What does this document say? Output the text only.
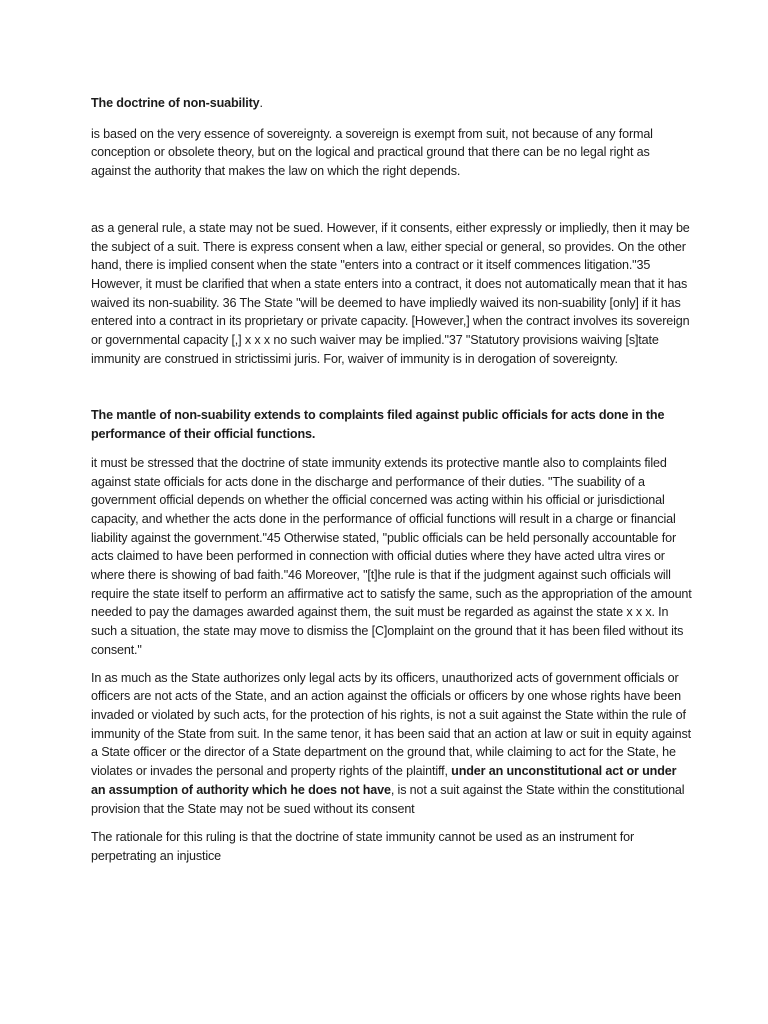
The doctrine of non-suability.

is based on the very essence of sovereignty. a sovereign is exempt from suit, not because of any formal conception or obsolete theory, but on the logical and practical ground that there can be no legal right as against the authority that makes the law on which the right depends.

as a general rule, a state may not be sued. However, if it consents, either expressly or impliedly, then it may be the subject of a suit. There is express consent when a law, either special or general, so provides. On the other hand, there is implied consent when the state "enters into a contract or it itself commences litigation."35 However, it must be clarified that when a state enters into a contract, it does not automatically mean that it has waived its non-suability. 36 The State "will be deemed to have impliedly waived its non-suability [only] if it has entered into a contract in its proprietary or private capacity. [However,] when the contract involves its sovereign or governmental capacity [,] x x x no such waiver may be implied."37 "Statutory provisions waiving [s]tate immunity are construed in strictissimi juris. For, waiver of immunity is in derogation of sovereignty.

The mantle of non-suability extends to complaints filed against public officials for acts done in the performance of their official functions.

it must be stressed that the doctrine of state immunity extends its protective mantle also to complaints filed against state officials for acts done in the discharge and performance of their duties. "The suability of a government official depends on whether the official concerned was acting within his official or jurisdictional capacity, and whether the acts done in the performance of official functions will result in a charge or financial liability against the government."45 Otherwise stated, "public officials can be held personally accountable for acts claimed to have been performed in connection with official duties where they have acted ultra vires or where there is showing of bad faith."46 Moreover, "[t]he rule is that if the judgment against such officials will require the state itself to perform an affirmative act to satisfy the same, such as the appropriation of the amount needed to pay the damages awarded against them, the suit must be regarded as against the state x x x. In such a situation, the state may move to dismiss the [C]omplaint on the ground that it has been filed without its consent."

In as much as the State authorizes only legal acts by its officers, unauthorized acts of government officials or officers are not acts of the State, and an action against the officials or officers by one whose rights have been invaded or violated by such acts, for the protection of his rights, is not a suit against the State within the rule of immunity of the State from suit. In the same tenor, it has been said that an action at law or suit in equity against a State officer or the director of a State department on the ground that, while claiming to act for the State, he violates or invades the personal and property rights of the plaintiff, under an unconstitutional act or under an assumption of authority which he does not have, is not a suit against the State within the constitutional provision that the State may not be sued without its consent

The rationale for this ruling is that the doctrine of state immunity cannot be used as an instrument for perpetrating an injustice
